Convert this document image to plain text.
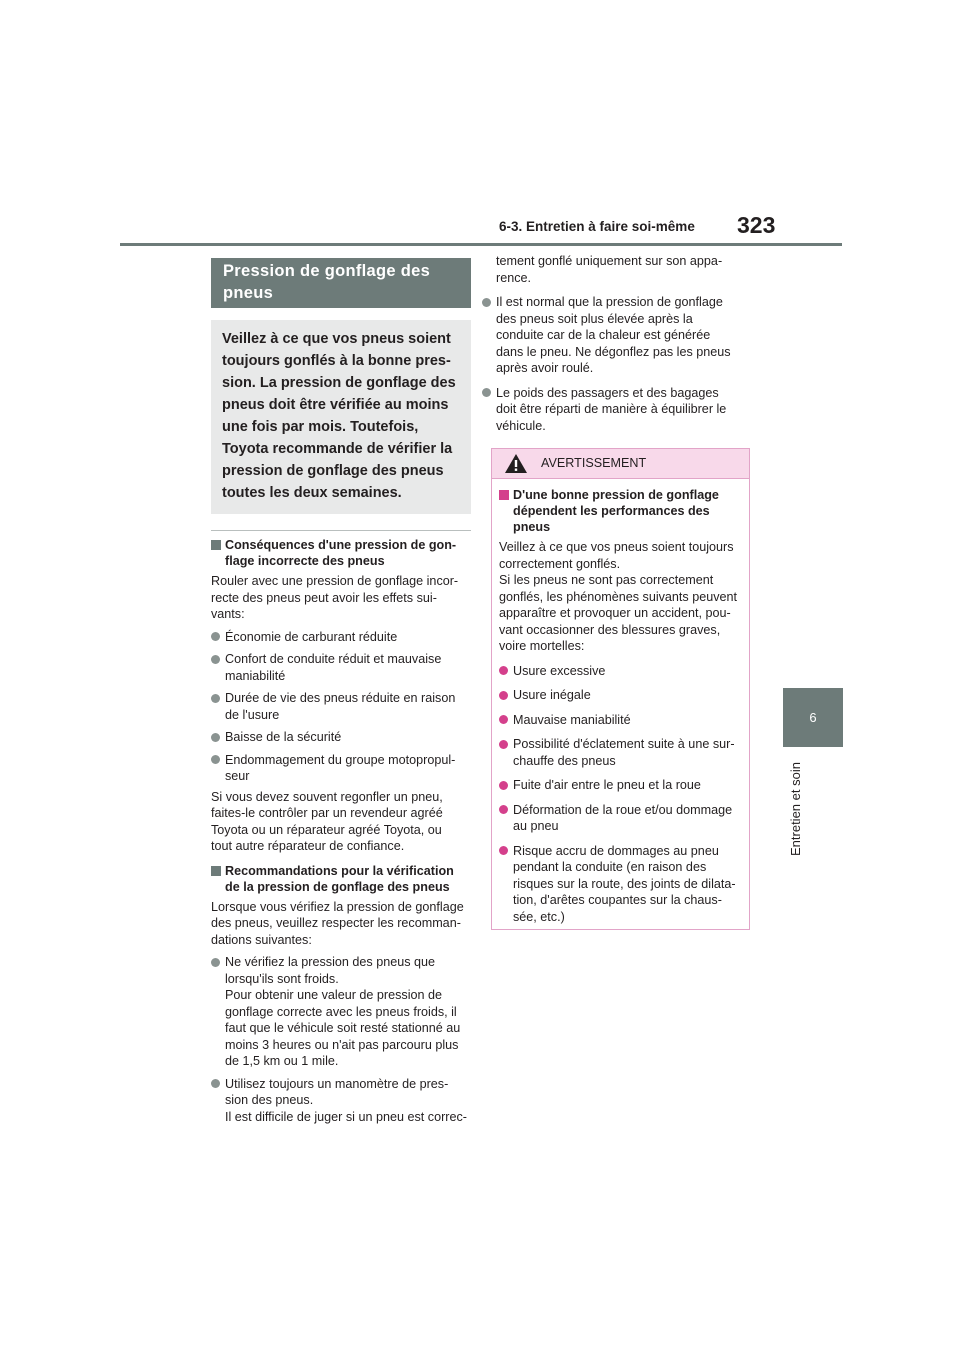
6-3. Entretien à faire soi-même 323
6
Entretien et soin
Pression de gonflage des pneus
Veillez à ce que vos pneus soient toujours gonflés à la bonne pres-sion. La pression de gonflage des pneus doit être vérifiée au moins une fois par mois. Toutefois, Toyota recommande de vérifier la pression de gonflage des pneus toutes les deux semaines.
Conséquences d'une pression de gon-
flage incorrecte des pneus
Rouler avec une pression de gonflage incor-
recte des pneus peut avoir les effets sui-
vants:
Économie de carburant réduite
Confort de conduite réduit et mauvaise
maniabilité
Durée de vie des pneus réduite en raison
de l'usure
Baisse de la sécurité
Endommagement du groupe motopropul-
seur
Si vous devez souvent regonfler un pneu,
faites-le contrôler par un revendeur agréé
Toyota ou un réparateur agréé Toyota, ou
tout autre réparateur de confiance.
Recommandations pour la vérification
de la pression de gonflage des pneus
Lorsque vous vérifiez la pression de gonflage
des pneus, veuillez respecter les recomman-
dations suivantes:
Ne vérifiez la pression des pneus que
lorsqu'ils sont froids.
Pour obtenir une valeur de pression de
gonflage correcte avec les pneus froids, il
faut que le véhicule soit resté stationné au
moins 3 heures ou n'ait pas parcouru plus
de 1,5 km ou 1 mile.
Utilisez toujours un manomètre de pres-
sion des pneus.
Il est difficile de juger si un pneu est correc-
tement gonflé uniquement sur son appa-
rence.
Il est normal que la pression de gonflage
des pneus soit plus élevée après la
conduite car de la chaleur est générée
dans le pneu. Ne dégonflez pas les pneus
après avoir roulé.
Le poids des passagers et des bagages
doit être réparti de manière à équilibrer le
véhicule.
AVERTISSEMENT
D'une bonne pression de gonflage
dépendent les performances des
pneus
Veillez à ce que vos pneus soient toujours
correctement gonflés.
Si les pneus ne sont pas correctement
gonflés, les phénomènes suivants peuvent
apparaître et provoquer un accident, pou-
vant occasionner des blessures graves,
voire mortelles:
Usure excessive
Usure inégale
Mauvaise maniabilité
Possibilité d'éclatement suite à une sur-
chauffe des pneus
Fuite d'air entre le pneu et la roue
Déformation de la roue et/ou dommage
au pneu
Risque accru de dommages au pneu
pendant la conduite (en raison des
risques sur la route, des joints de dilata-
tion, d'arêtes coupantes sur la chaus-
sée, etc.)
